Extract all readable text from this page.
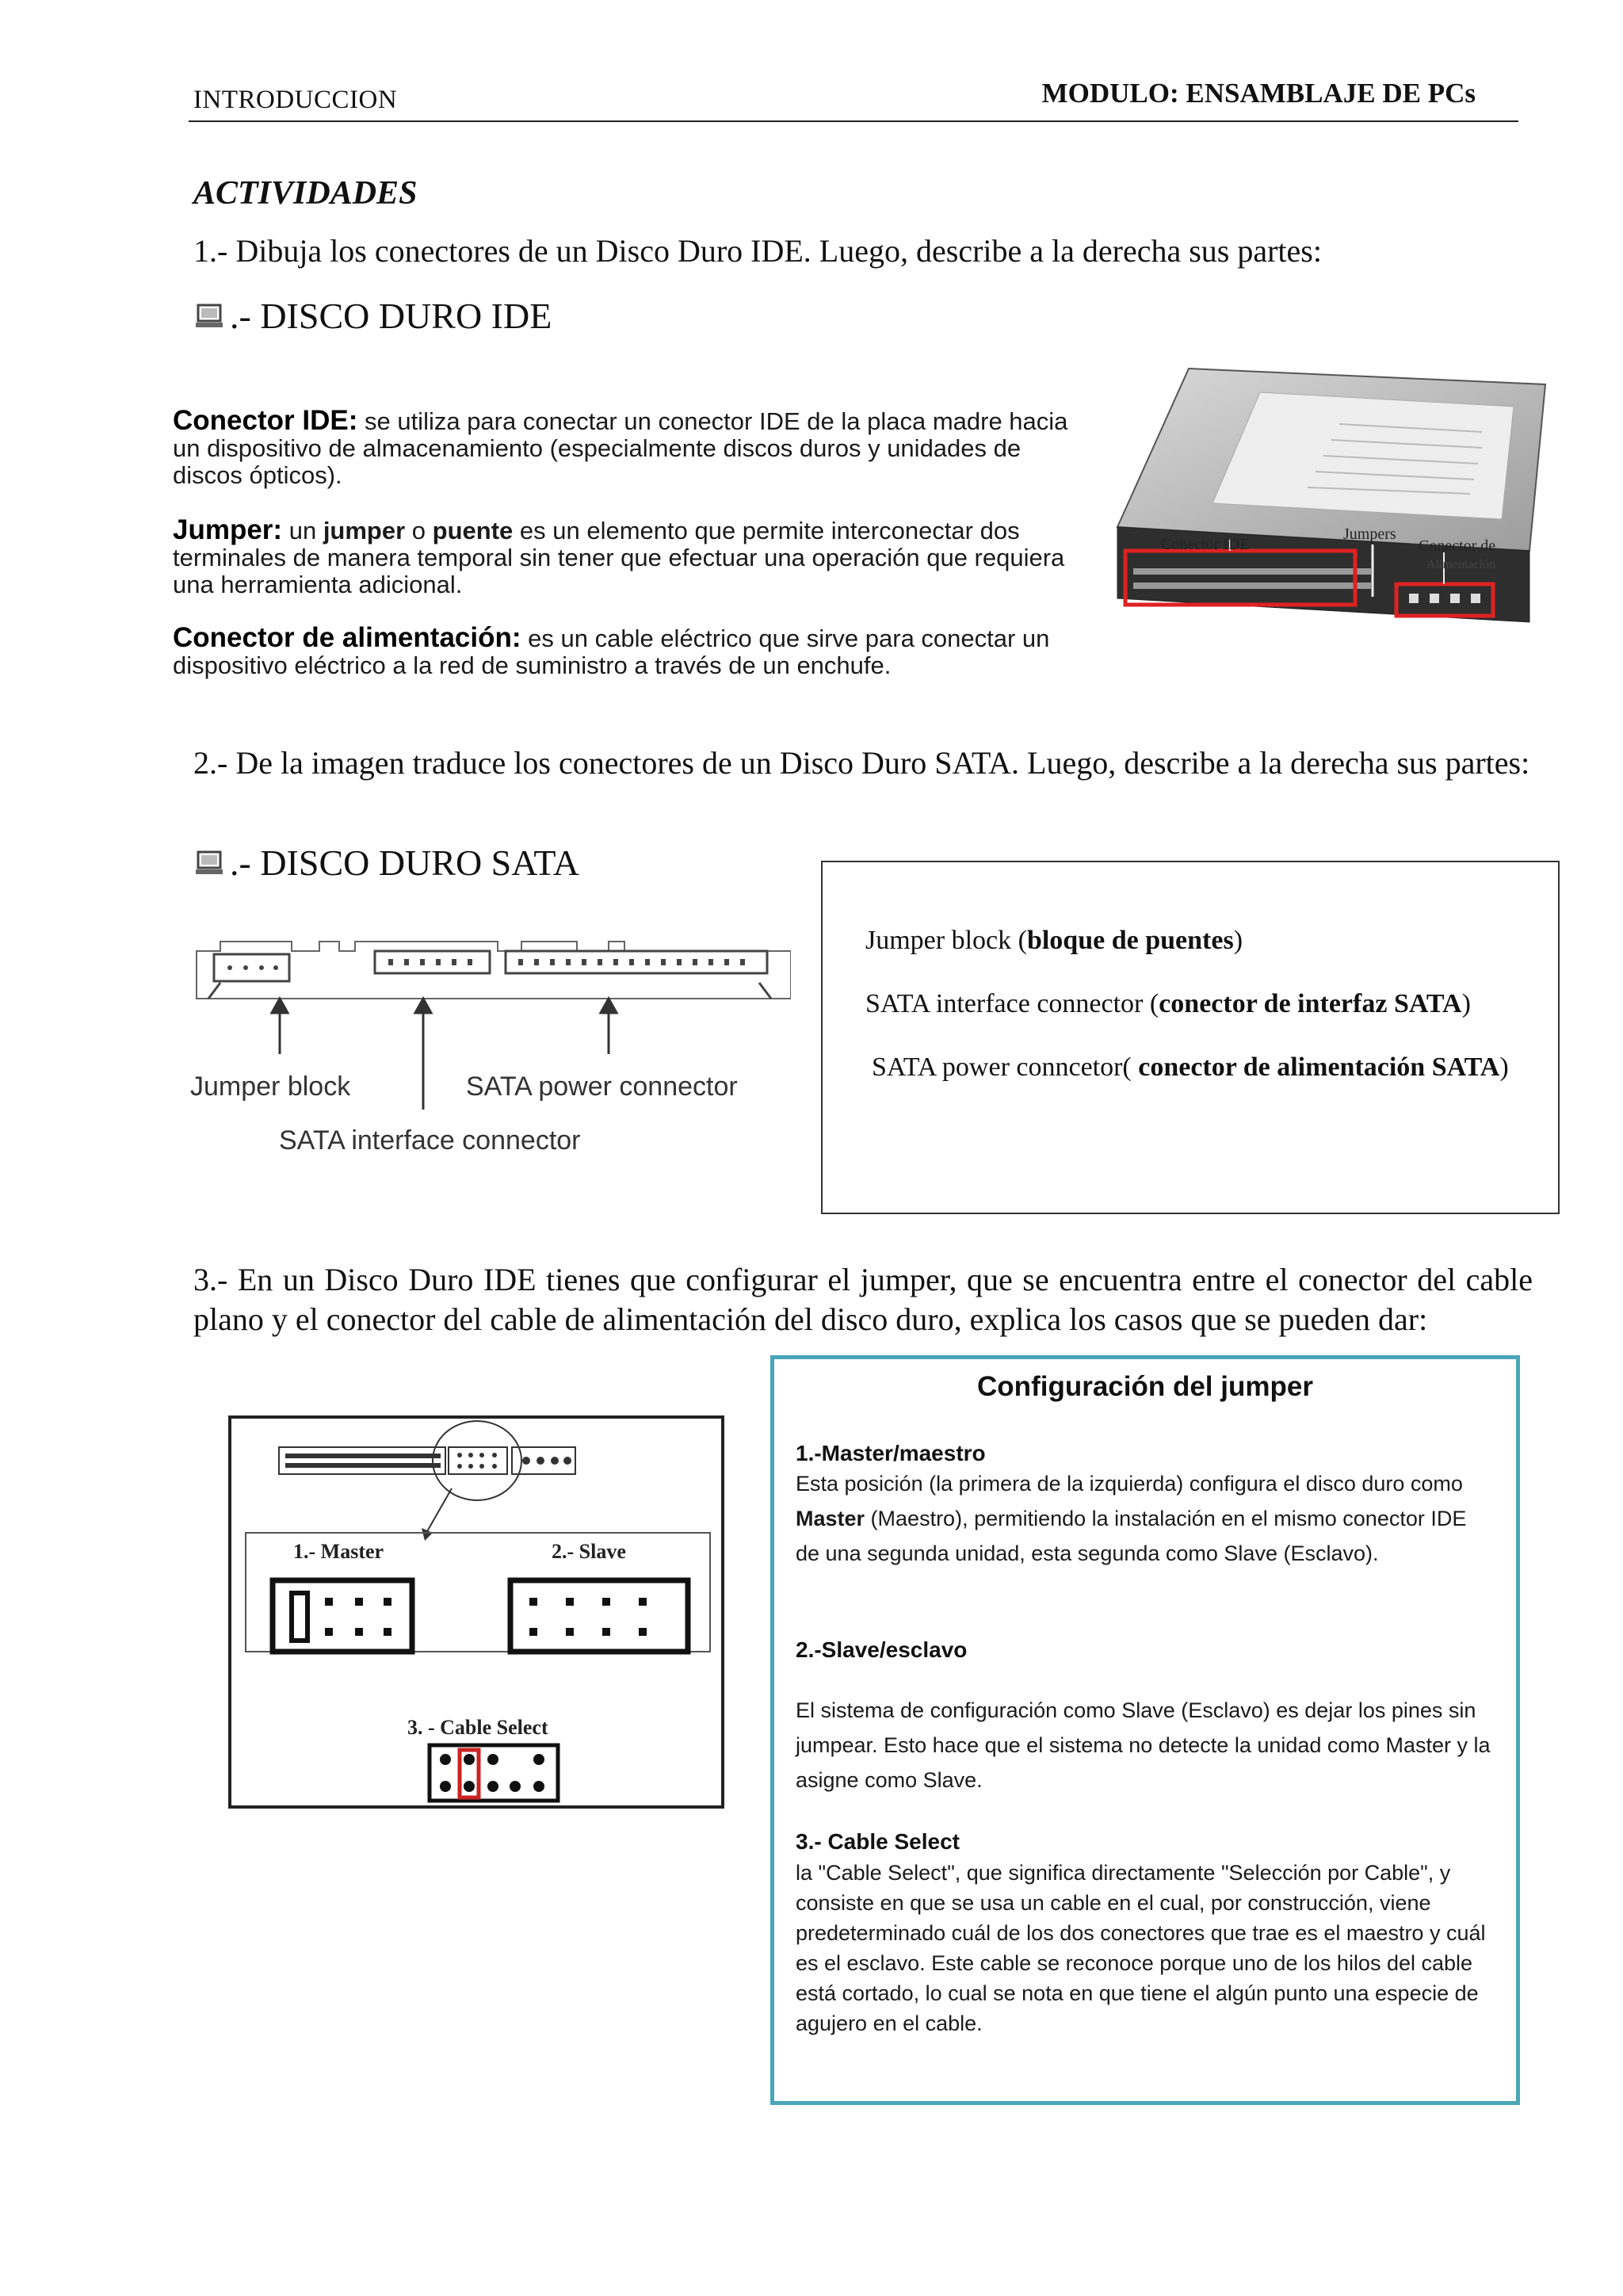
INTRODUCCION	MODULO: ENSAMBLAJE DE PCs
ACTIVIDADES
1.- Dibuja los conectores de un Disco Duro IDE. Luego, describe a la derecha sus partes:
.- DISCO DURO IDE
Conector IDE: se utiliza para conectar un conector IDE de la placa madre hacia un dispositivo de almacenamiento (especialmente discos duros y unidades de discos ópticos).
Jumper: un jumper o puente es un elemento que permite interconectar dos terminales de manera temporal sin tener que efectuar una operación que requiera una herramienta adicional.
Conector de alimentación: es un cable eléctrico que sirve para conectar un dispositivo eléctrico a la red de suministro a través de un enchufe.
Conector IDE
Jumpers
Conector de
Alimentación
2.- De la imagen traduce los conectores de un Disco Duro SATA. Luego, describe a la derecha sus partes:
.- DISCO DURO SATA
Jumper block	SATA power connector
SATA interface connector
Jumper block (bloque de puentes)
SATA interface connector (conector de interfaz SATA)
SATA power conncetor( conector de alimentación SATA)
3.- En un Disco Duro IDE tienes que configurar el jumper, que se encuentra entre el conector del cable plano y el conector del cable de alimentación del disco duro, explica los casos que se pueden dar:
1.- Master	2.- Slave
3. - Cable Select
Configuración del jumper
1.-Master/maestro
Esta posición (la primera de la izquierda) configura el disco duro como Master (Maestro), permitiendo la instalación en el mismo conector IDE de una segunda unidad, esta segunda como Slave (Esclavo).
2.-Slave/esclavo
El sistema de configuración como Slave (Esclavo) es dejar los pines sin jumpear. Esto hace que el sistema no detecte la unidad como Master y la asigne como Slave.
3.- Cable Select
la "Cable Select", que significa directamente "Selección por Cable", y consiste en que se usa un cable en el cual, por construcción, viene predeterminado cuál de los dos conectores que trae es el maestro y cuál es el esclavo. Este cable se reconoce porque uno de los hilos del cable está cortado, lo cual se nota en que tiene el algún punto una especie de agujero en el cable.
